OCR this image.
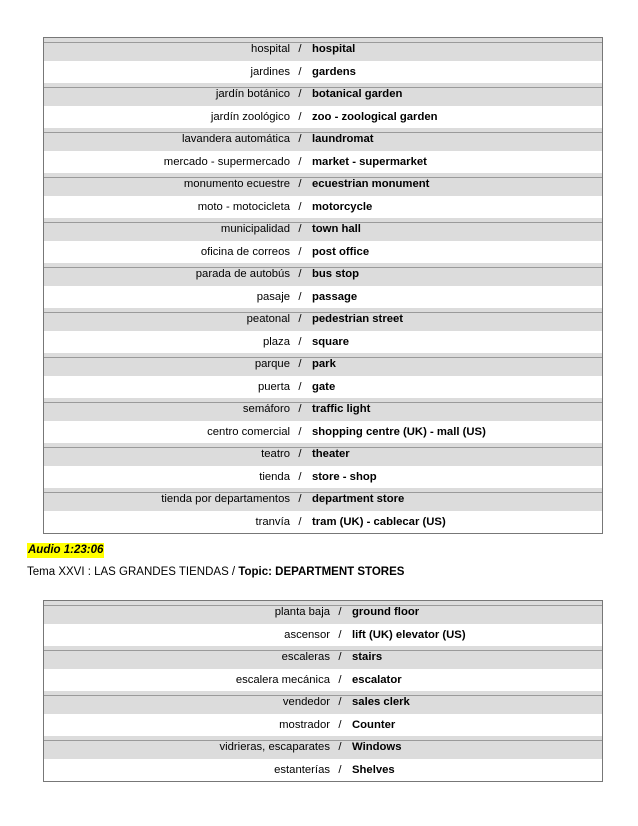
hospital	/	hospital
jardines	/	gardens
jardín botánico	/	botanical garden
jardín zoológico	/	zoo - zoological garden
lavandera automática	/	laundromat
mercado - supermercado	/	market - supermarket
monumento ecuestre	/	ecuestrian monument
moto - motocicleta	/	motorcycle
municipalidad	/	town hall
oficina de correos	/	post office
parada de autobús	/	bus stop
pasaje	/	passage
peatonal	/	pedestrian street
plaza	/	square
parque	/	park
puerta	/	gate
semáforo	/	traffic light
centro comercial	/	shopping centre (UK) - mall (US)
teatro	/	theater
tienda	/	store - shop
tienda por departamentos	/	department store
tranvía	/	tram (UK) - cablecar (US)
Audio 1:23:06
Tema XXVI : LAS GRANDES TIENDAS / Topic: DEPARTMENT STORES
planta baja	/	ground floor
ascensor	/	lift (UK) elevator (US)
escaleras	/	stairs
escalera mecánica	/	escalator
vendedor	/	sales clerk
mostrador	/	Counter
vidrieras, escaparates	/	Windows
estanterías	/	Shelves
